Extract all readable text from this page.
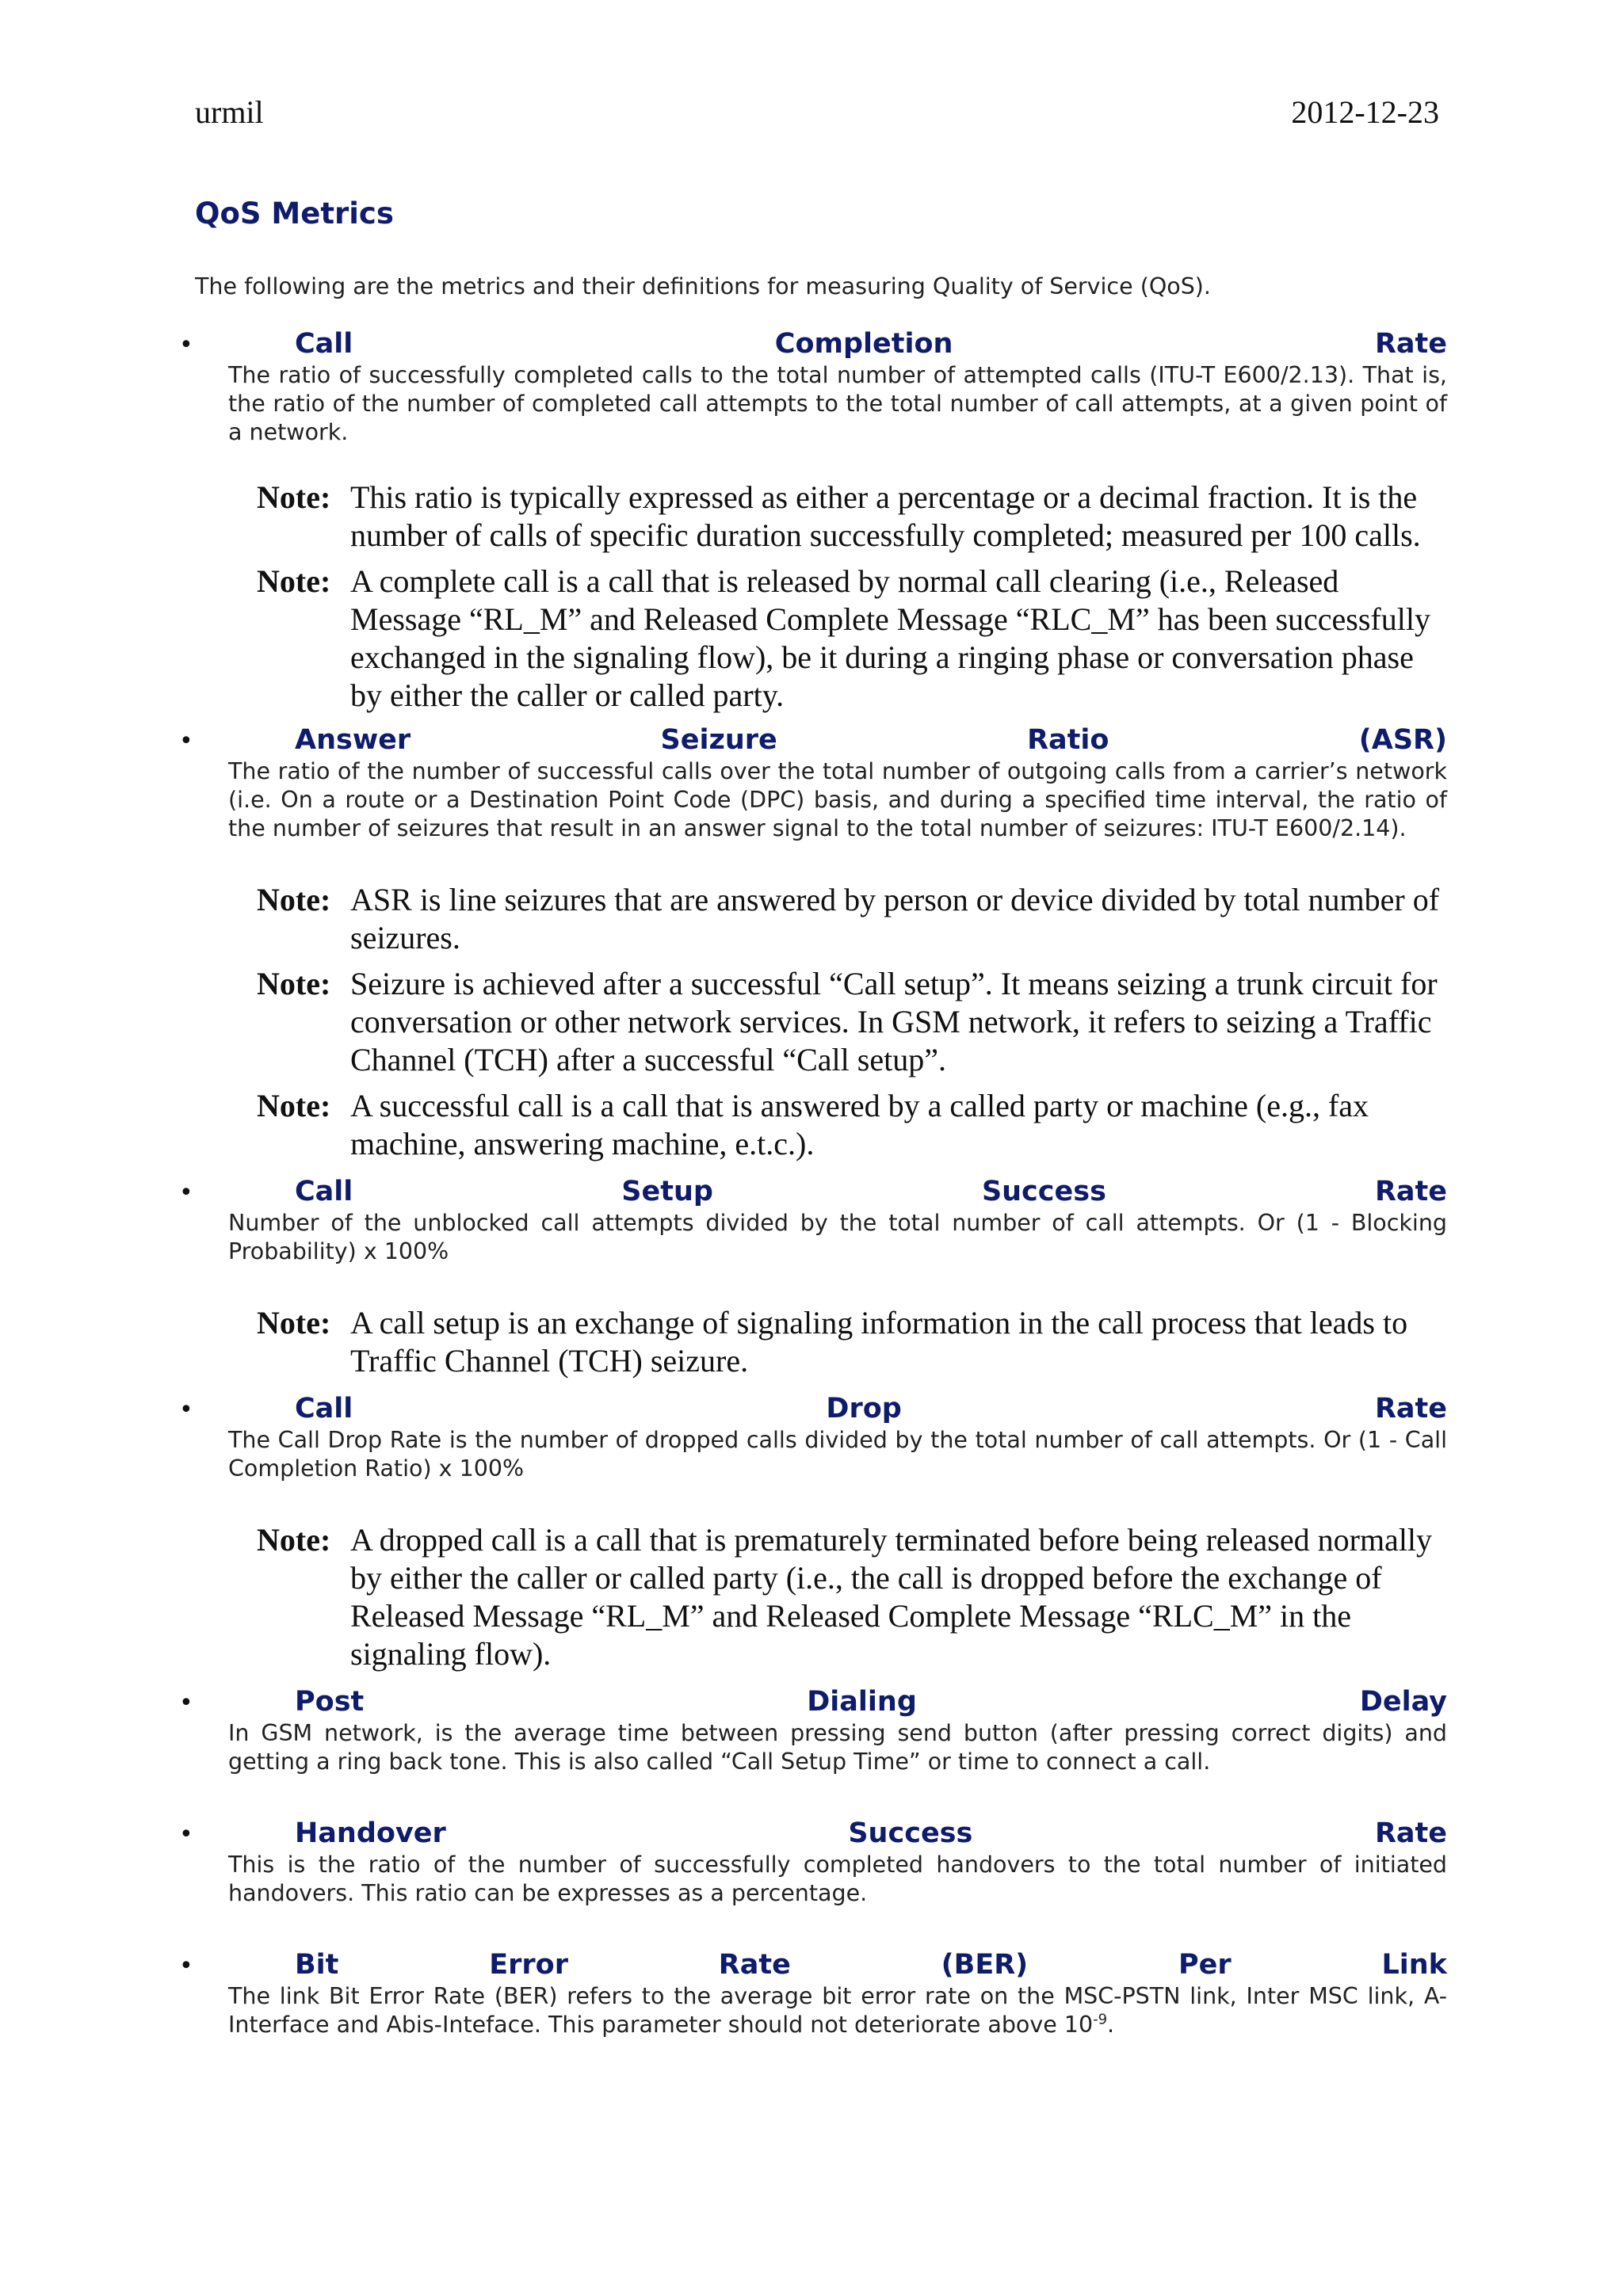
urmil	2012-12-23
QoS Metrics

The following are the metrics and their definitions for measuring Quality of Service (QoS).

•	Call	Completion	Rate

The ratio of successfully completed calls to the total number of attempted calls (ITU-T E600/2.13). That is, the ratio of the number of completed call attempts to the total number of call attempts, at a given point of a network.

Note: This ratio is typically expressed as either a percentage or a decimal fraction. It is the number of calls of specific duration successfully completed; measured per 100 calls.
Note: A complete call is a call that is released by normal call clearing (i.e., Released Message “RL_M” and Released Complete Message “RLC_M” has been successfully exchanged in the signaling flow), be it during a ringing phase or conversation phase by either the caller or called party.
•	Answer	Seizure	Ratio	(ASR)

The ratio of the number of successful calls over the total number of outgoing calls from a carrier’s network (i.e. On a route or a Destination Point Code (DPC) basis, and during a specified time interval, the ratio of the number of seizures that result in an answer signal to the total number of seizures: ITU-T E600/2.14).

Note: ASR is line seizures that are answered by person or device divided by total number of seizures.
Note: Seizure is achieved after a successful “Call setup”. It means seizing a trunk circuit for conversation or other network services. In GSM network, it refers to seizing a Traffic Channel (TCH) after a successful “Call setup”.
Note: A successful call is a call that is answered by a called party or machine (e.g., fax machine, answering machine, e.t.c.).
•	Call	Setup	Success	Rate

Number of the unblocked call attempts divided by the total number of call attempts. Or (1 - Blocking Probability) x 100%

Note: A call setup is an exchange of signaling information in the call process that leads to Traffic Channel (TCH) seizure.
•	Call	Drop	Rate

The Call Drop Rate is the number of dropped calls divided by the total number of call attempts. Or (1 - Call Completion Ratio) x 100%

Note: A dropped call is a call that is prematurely terminated before being released normally by either the caller or called party (i.e., the call is dropped before the exchange of Released Message “RL_M” and Released Complete Message “RLC_M” in the signaling flow).
•	Post	Dialing	Delay

In GSM network, is the average time between pressing send button (after pressing correct digits) and getting a ring back tone. This is also called “Call Setup Time” or time to connect a call.

•	Handover	Success	Rate

This is the ratio of the number of successfully completed handovers to the total number of initiated handovers. This ratio can be expresses as a percentage.

•	Bit	Error	Rate	(BER)	Per	Link

The link Bit Error Rate (BER) refers to the average bit error rate on the MSC-PSTN link, Inter MSC link, A-Interface and Abis-Inteface. This parameter should not deteriorate above $10^{-9}$.
